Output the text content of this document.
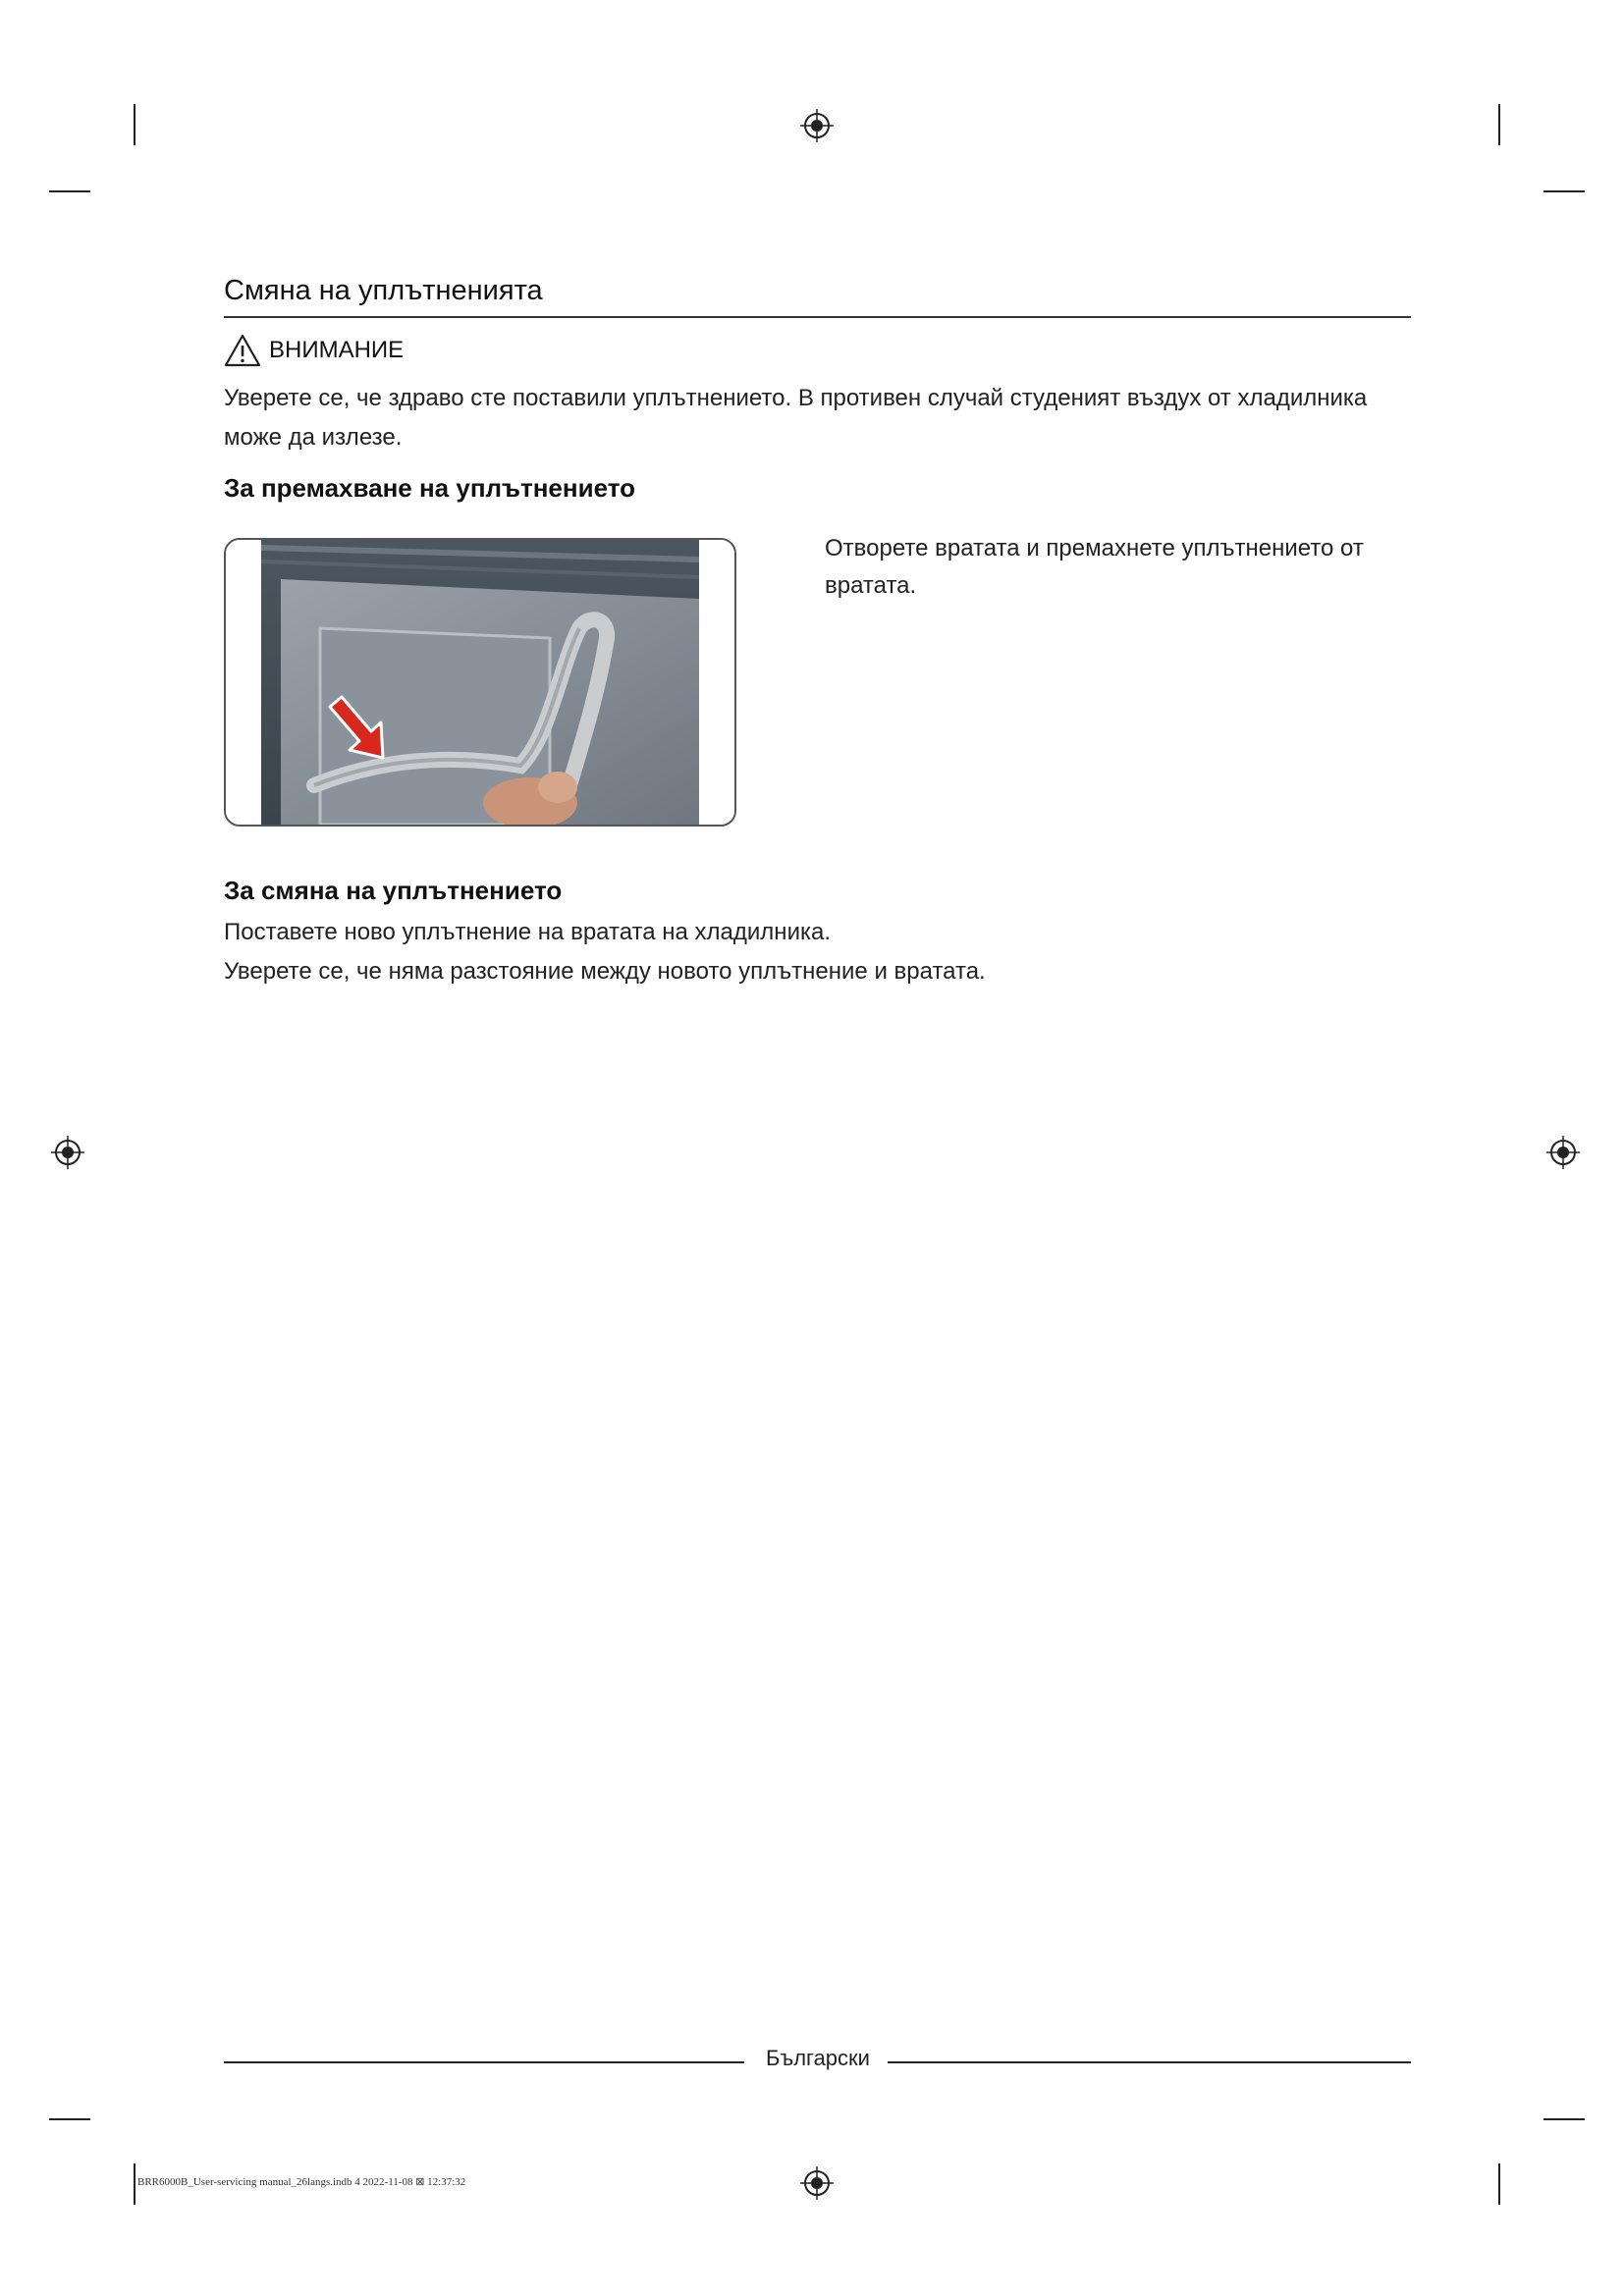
Смяна на уплътненията
ВНИМАНИЕ
Уверете се, че здраво сте поставили уплътнението. В противен случай студеният въздух от хладилника може да излезе.
За премахване на уплътнението
Отворете вратата и премахнете уплътнението от вратата.
За смяна на уплътнението
Поставете ново уплътнение на вратата на хладилника.
Уверете се, че няма разстояние между новото уплътнение и вратата.
Български
BRR6000B_User-servicing manual_26langs.indb 4 2022-11-08 ⊠ 12:37:32
